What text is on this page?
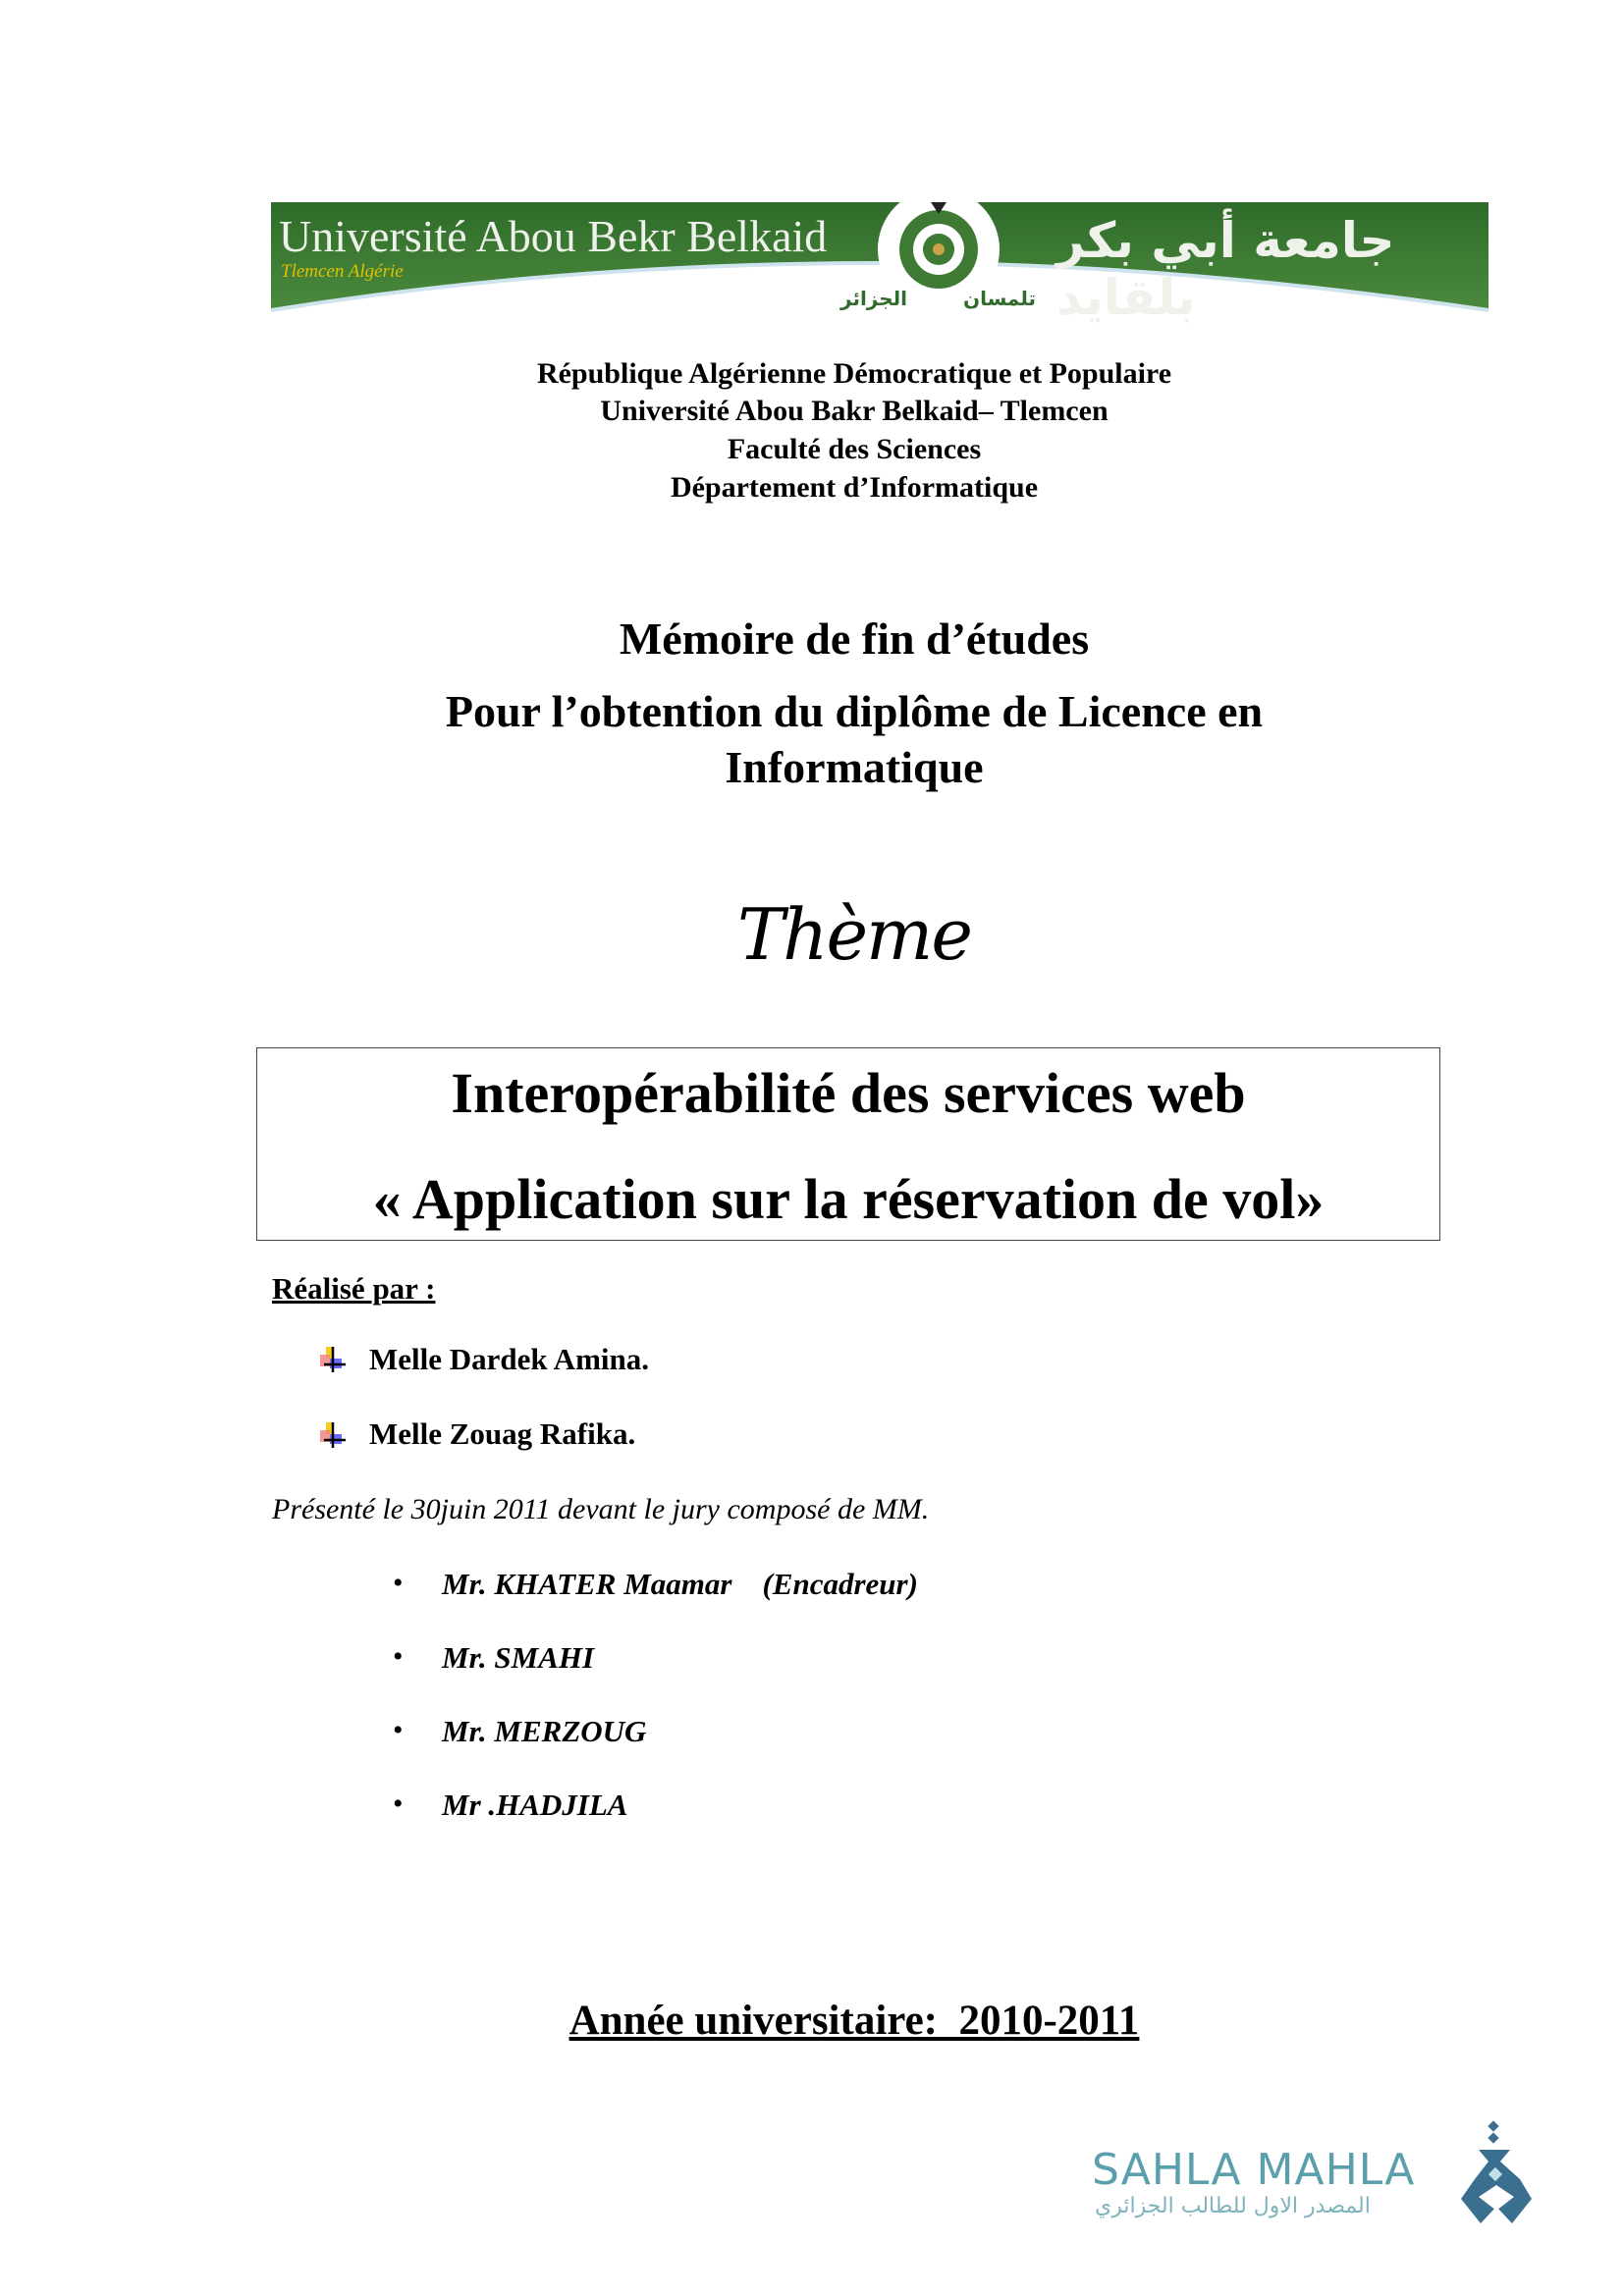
Université Abou Bekr Belkaid
Tlemcen Algérie
جامعة أبي بكر بلقايد
الجزائر	تلمسان
République Algérienne Démocratique et Populaire
Université Abou Bakr Belkaid– Tlemcen
Faculté des Sciences
Département d’Informatique
Mémoire de fin d’études
Pour l’obtention du diplôme de Licence en
Informatique
Thème
Interopérabilité des services web
« Application sur la réservation de vol»
Réalisé par :
Melle Dardek Amina.
Melle Zouag Rafika.
Présenté le 30juin 2011 devant le jury composé de MM.
• Mr. KHATER Maamar    (Encadreur)
• Mr. SMAHI
• Mr. MERZOUG
• Mr .HADJILA
Année universitaire:  2010-2011
SAHLA MAHLA
المصدر الاول للطالب الجزائري
